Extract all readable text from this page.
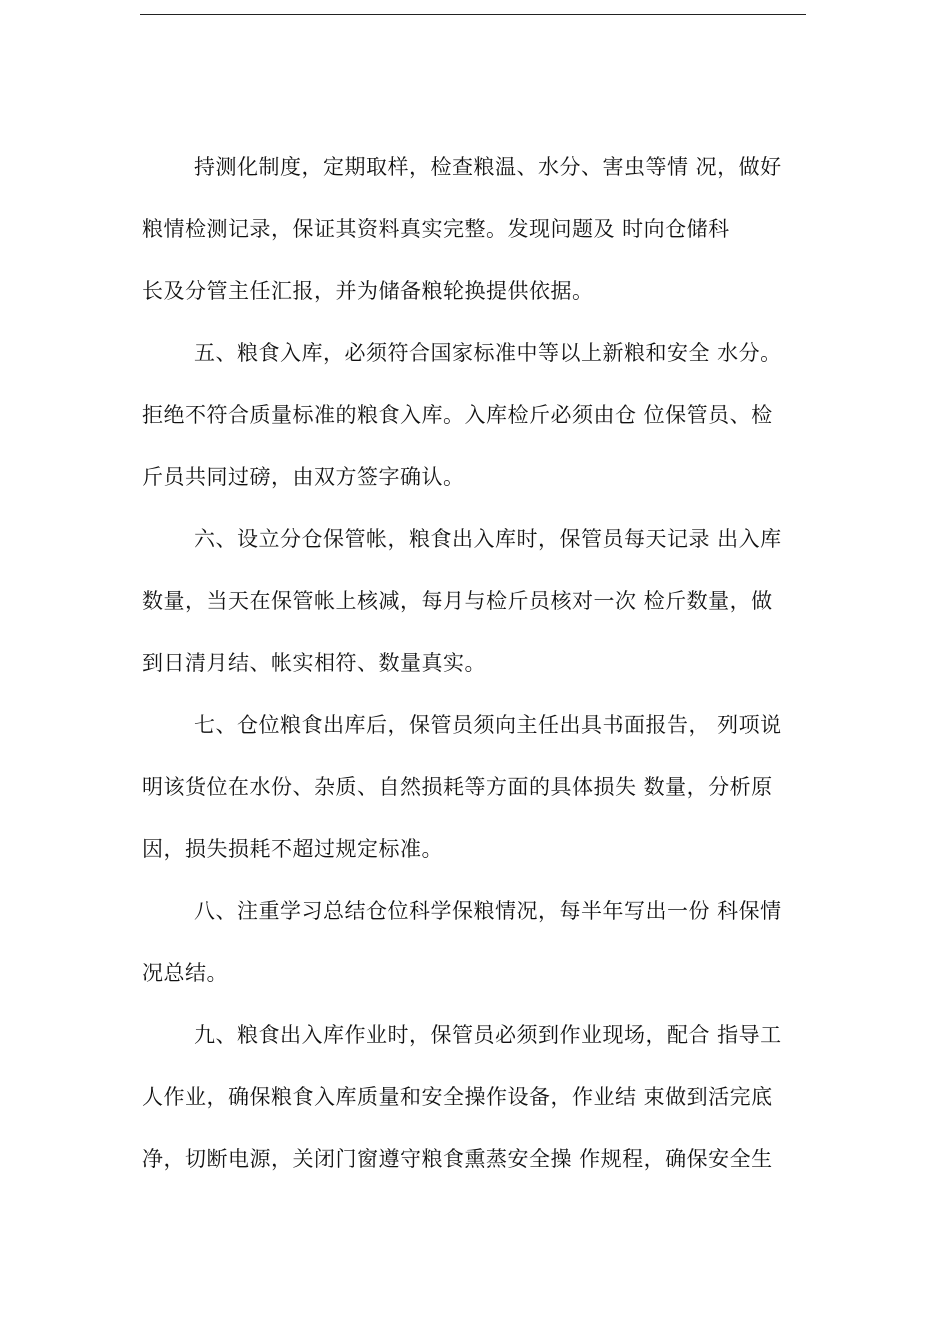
持测化制度，定期取样，检查粮温、水分、害虫等情 况，做好
粮情检测记录，保证其资料真实完整。发现问题及 时向仓储科
长及分管主任汇报，并为储备粮轮换提供依据。

五、粮食入库，必须符合国家标准中等以上新粮和安全 水分。
拒绝不符合质量标准的粮食入库。入库检斤必须由仓 位保管员、检
斤员共同过磅，由双方签字确认。

六、设立分仓保管帐，粮食出入库时，保管员每天记录 出入库
数量，当天在保管帐上核减，每月与检斤员核对一次 检斤数量，做
到日清月结、帐实相符、数量真实。

七、仓位粮食出库后，保管员须向主任出具书面报告， 列项说
明该货位在水份、杂质、自然损耗等方面的具体损失 数量，分析原
因，损失损耗不超过规定标准。

八、注重学习总结仓位科学保粮情况，每半年写出一份 科保情
况总结。

九、粮食出入库作业时，保管员必须到作业现场，配合 指导工
人作业，确保粮食入库质量和安全操作设备，作业结 束做到活完底
净，切断电源，关闭门窗遵守粮食熏蒸安全操 作规程，确保安全生
